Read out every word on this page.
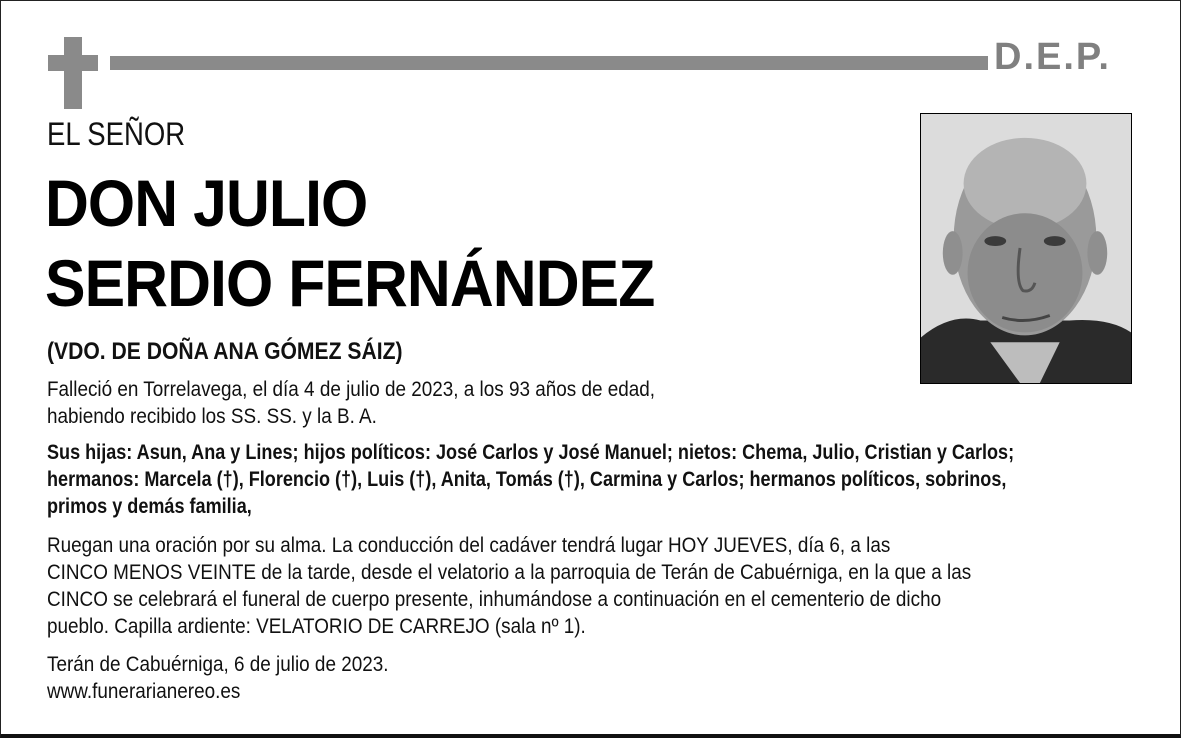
D.E.P.
EL SEÑOR
DON JULIO
SERDIO FERNÁNDEZ
(VDO. DE DOÑA ANA GÓMEZ SÁIZ)
Falleció en Torrelavega, el día 4 de julio de 2023, a los 93 años de edad,
habiendo recibido los SS. SS. y la B. A.
Sus hijas: Asun, Ana y Lines; hijos políticos: José Carlos y José Manuel; nietos: Chema, Julio, Cristian y Carlos;
hermanos: Marcela (†), Florencio (†), Luis (†), Anita, Tomás (†), Carmina y Carlos; hermanos políticos, sobrinos,
primos y demás familia,
Ruegan una oración por su alma. La conducción del cadáver tendrá lugar HOY JUEVES, día 6, a las
CINCO MENOS VEINTE de la tarde, desde el velatorio a la parroquia de Terán de Cabuérniga, en la que a las
CINCO se celebrará el funeral de cuerpo presente, inhumándose a continuación en el cementerio de dicho
pueblo. Capilla ardiente: VELATORIO DE CARREJO (sala nº 1).
Terán de Cabuérniga, 6 de julio de 2023.
www.funerarianereo.es
